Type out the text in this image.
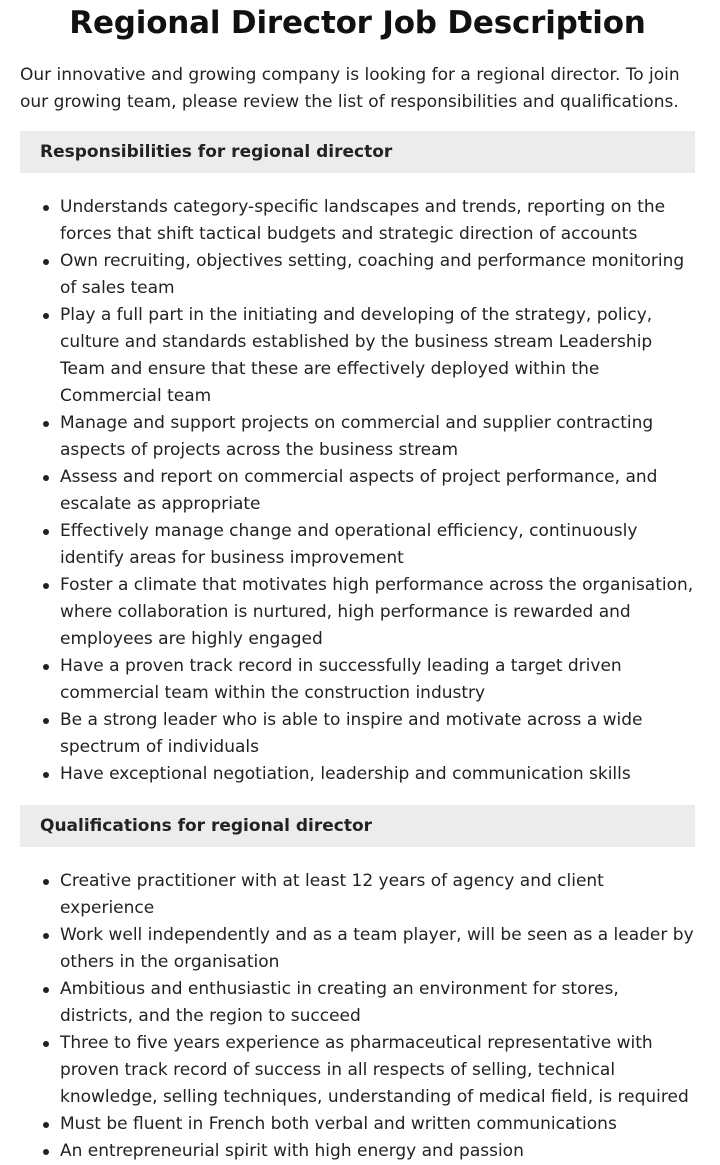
Regional Director Job Description

Our innovative and growing company is looking for a regional director. To join our growing team, please review the list of responsibilities and qualifications.

Responsibilities for regional director
Understands category-specific landscapes and trends, reporting on the forces that shift tactical budgets and strategic direction of accounts
Own recruiting, objectives setting, coaching and performance monitoring of sales team
Play a full part in the initiating and developing of the strategy, policy, culture and standards established by the business stream Leadership Team and ensure that these are effectively deployed within the Commercial team
Manage and support projects on commercial and supplier contracting aspects of projects across the business stream
Assess and report on commercial aspects of project performance, and escalate as appropriate
Effectively manage change and operational efficiency, continuously identify areas for business improvement
Foster a climate that motivates high performance across the organisation, where collaboration is nurtured, high performance is rewarded and employees are highly engaged
Have a proven track record in successfully leading a target driven commercial team within the construction industry
Be a strong leader who is able to inspire and motivate across a wide spectrum of individuals
Have exceptional negotiation, leadership and communication skills
Qualifications for regional director
Creative practitioner with at least 12 years of agency and client experience
Work well independently and as a team player, will be seen as a leader by others in the organisation
Ambitious and enthusiastic in creating an environment for stores, districts, and the region to succeed
Three to five years experience as pharmaceutical representative with proven track record of success in all respects of selling, technical knowledge, selling techniques, understanding of medical field, is required
Must be fluent in French both verbal and written communications
An entrepreneurial spirit with high energy and passion
